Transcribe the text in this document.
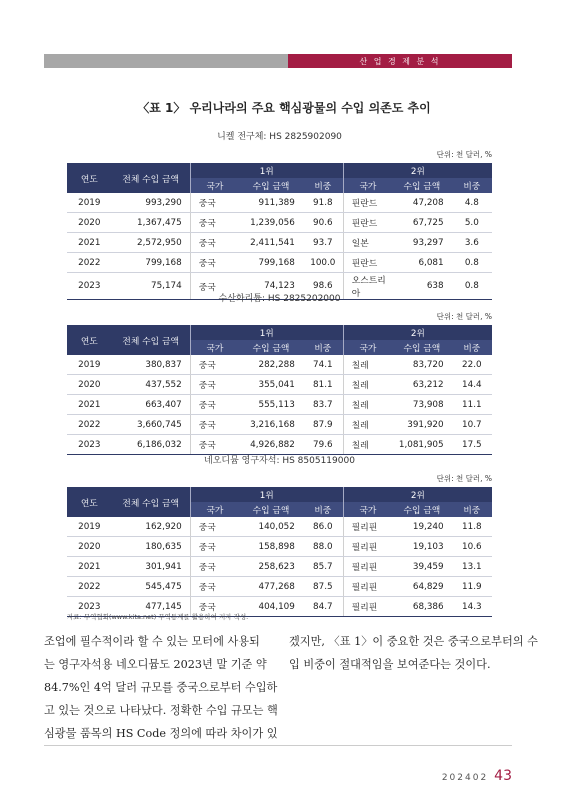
산 업 경 제 분 석
〈표 1〉 우리나라의 주요 핵심광물의 수입 의존도 추이
니켈 전구체: HS 2825902090
단위: 천 달러, %
연도	전체 수입 금액	1위			2위		
		국가	수입 금액	비중	국가	수입 금액	비중
2019	993,290	중국	911,389	91.8	핀란드	47,208	4.8
2020	1,367,475	중국	1,239,056	90.6	핀란드	67,725	5.0
2021	2,572,950	중국	2,411,541	93.7	일본	93,297	3.6
2022	799,168	중국	799,168	100.0	핀란드	6,081	0.8
2023	75,174	중국	74,123	98.6	오스트리아	638	0.8
수산화리튬: HS 2825202000
단위: 천 달러, %
연도	전체 수입 금액	1위			2위		
		국가	수입 금액	비중	국가	수입 금액	비중
2019	380,837	중국	282,288	74.1	칠레	83,720	22.0
2020	437,552	중국	355,041	81.1	칠레	63,212	14.4
2021	663,407	중국	555,113	83.7	칠레	73,908	11.1
2022	3,660,745	중국	3,216,168	87.9	칠레	391,920	10.7
2023	6,186,032	중국	4,926,882	79.6	칠레	1,081,905	17.5
네오디뮴 영구자석: HS 8505119000
단위: 천 달러, %
연도	전체 수입 금액	1위			2위		
		국가	수입 금액	비중	국가	수입 금액	비중
2019	162,920	중국	140,052	86.0	필리핀	19,240	11.8
2020	180,635	중국	158,898	88.0	필리핀	19,103	10.6
2021	301,941	중국	258,623	85.7	필리핀	39,459	13.1
2022	545,475	중국	477,268	87.5	필리핀	64,829	11.9
2023	477,145	중국	404,109	84.7	필리핀	68,386	14.3
자료: 무역협회(www.kita.net) 무역통계를 활용하여 저자 작성.
조업에 필수적이라 할 수 있는 모터에 사용되
는 영구자석용 네오디뮴도 2023년 말 기준 약
84.7%인 4억 달러 규모를 중국으로부터 수입하
고 있는 것으로 나타났다. 정확한 수입 규모는 핵
심광물 품목의 HS Code 정의에 따라 차이가 있
겠지만, 〈표 1〉이 중요한 것은 중국으로부터의 수
입 비중이 절대적임을 보여준다는 것이다.
202402 43
